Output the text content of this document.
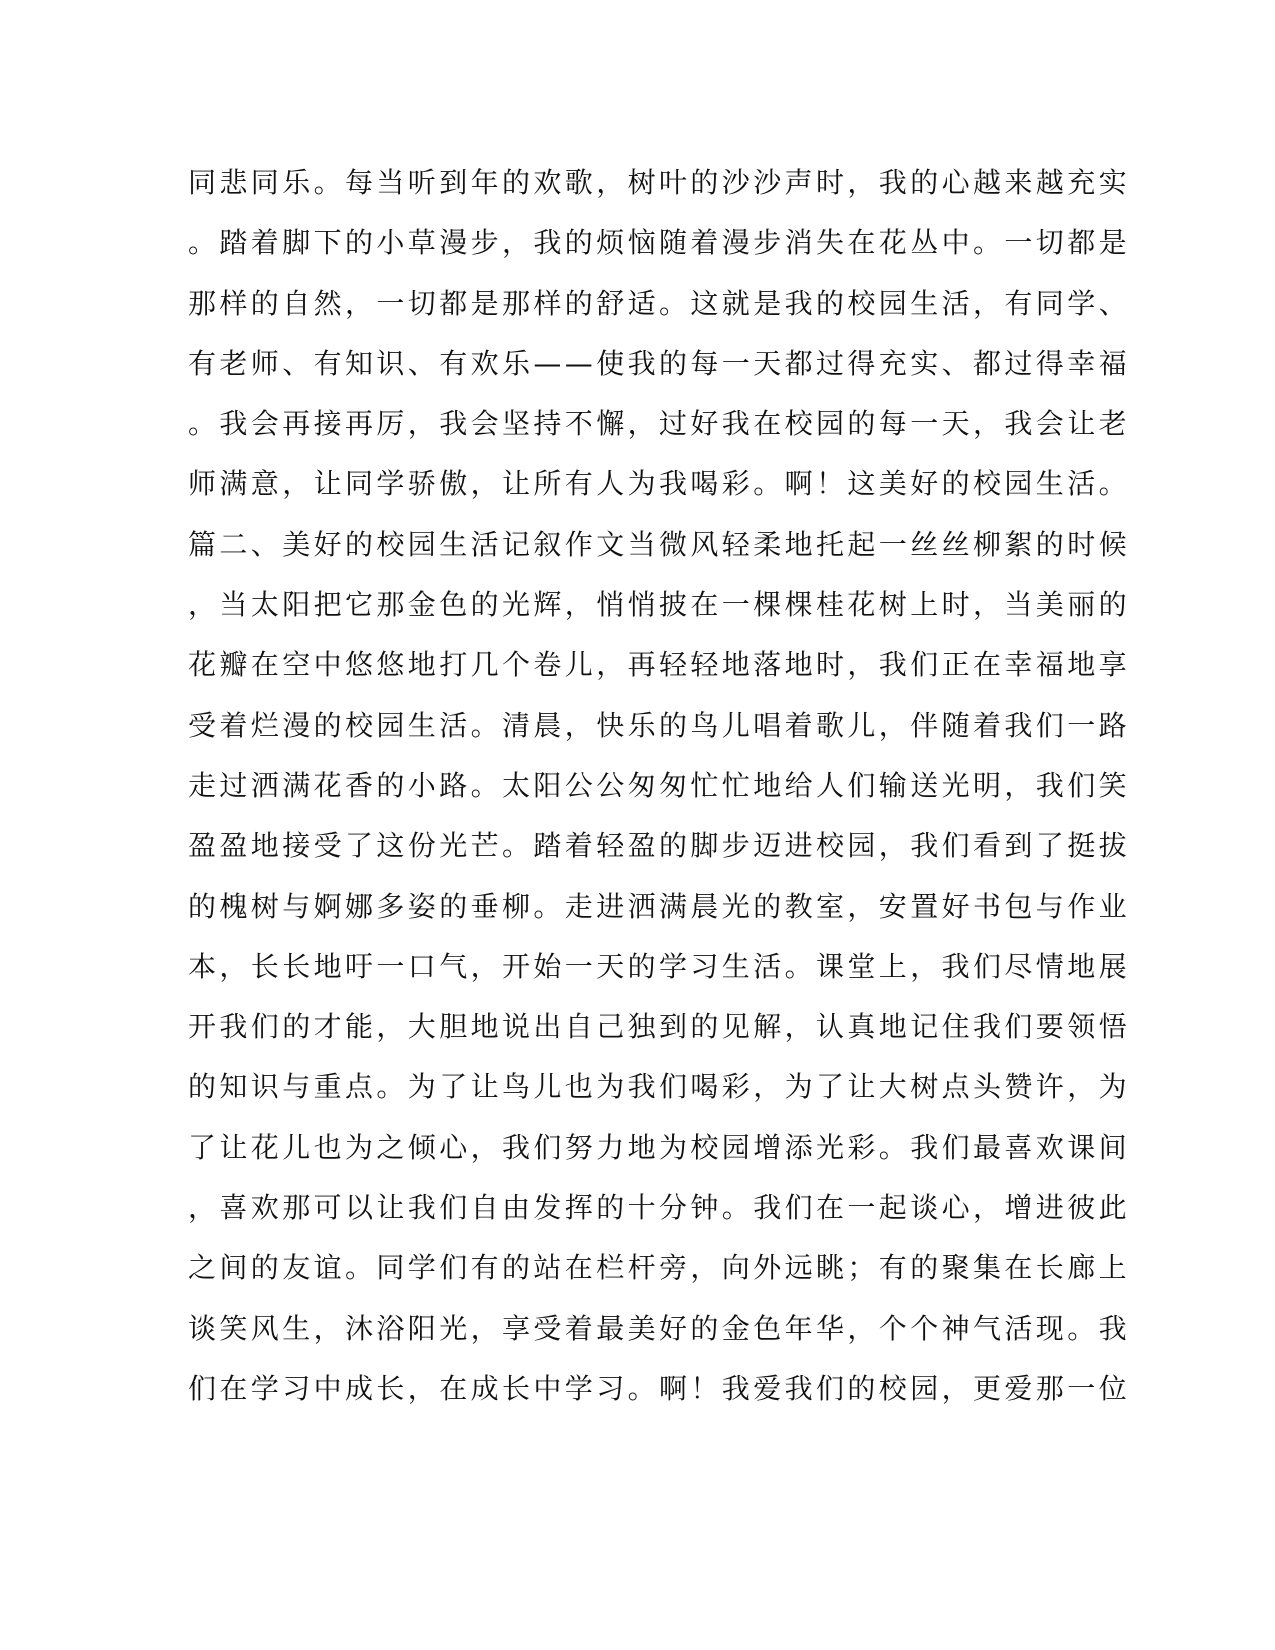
同悲同乐。每当听到年的欢歌，树叶的沙沙声时，我的心越来越充实
。踏着脚下的小草漫步，我的烦恼随着漫步消失在花丛中。一切都是
那样的自然，一切都是那样的舒适。这就是我的校园生活，有同学、
有老师、有知识、有欢乐——使我的每一天都过得充实、都过得幸福
。我会再接再厉，我会坚持不懈，过好我在校园的每一天，我会让老
师满意，让同学骄傲，让所有人为我喝彩。啊！这美好的校园生活。
篇二、美好的校园生活记叙作文当微风轻柔地托起一丝丝柳絮的时候
，当太阳把它那金色的光辉，悄悄披在一棵棵桂花树上时，当美丽的
花瓣在空中悠悠地打几个卷儿，再轻轻地落地时，我们正在幸福地享
受着烂漫的校园生活。清晨，快乐的鸟儿唱着歌儿，伴随着我们一路
走过洒满花香的小路。太阳公公匆匆忙忙地给人们输送光明，我们笑
盈盈地接受了这份光芒。踏着轻盈的脚步迈进校园，我们看到了挺拔
的槐树与婀娜多姿的垂柳。走进洒满晨光的教室，安置好书包与作业
本，长长地吁一口气，开始一天的学习生活。课堂上，我们尽情地展
开我们的才能，大胆地说出自己独到的见解，认真地记住我们要领悟
的知识与重点。为了让鸟儿也为我们喝彩，为了让大树点头赞许，为
了让花儿也为之倾心，我们努力地为校园增添光彩。我们最喜欢课间
，喜欢那可以让我们自由发挥的十分钟。我们在一起谈心，增进彼此
之间的友谊。同学们有的站在栏杆旁，向外远眺；有的聚集在长廊上
谈笑风生，沐浴阳光，享受着最美好的金色年华，个个神气活现。我
们在学习中成长，在成长中学习。啊！我爱我们的校园，更爱那一位
